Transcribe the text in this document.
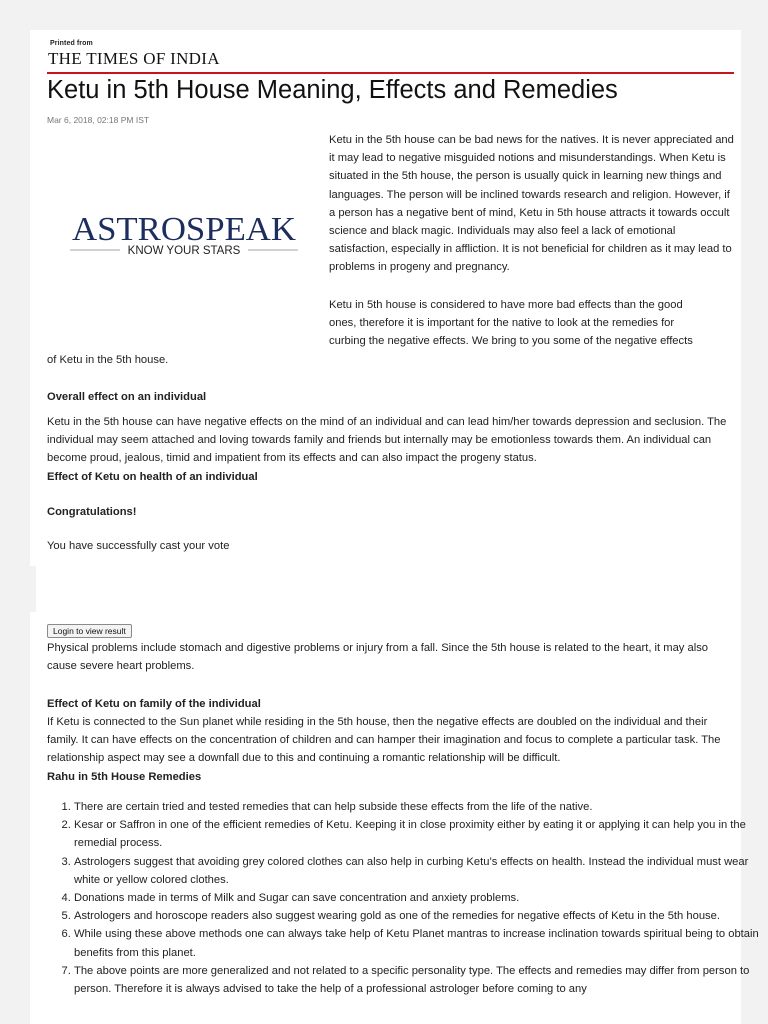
Printed from
THE TIMES OF INDIA
Ketu in 5th House Meaning, Effects and Remedies
Mar 6, 2018, 02:18 PM IST
ASTROSPEAK
KNOW YOUR STARS

Ketu in the 5th house can be bad news for the natives. It is never appreciated and it may lead to negative misguided notions and misunderstandings. When Ketu is situated in the 5th house, the person is usually quick in learning new things and languages. The person will be inclined towards research and religion. However, if a person has a negative bent of mind, Ketu in 5th house attracts it towards occult science and black magic. Individuals may also feel a lack of emotional satisfaction, especially in affliction. It is not beneficial for children as it may lead to problems in progeny and pregnancy.

Ketu in 5th house is considered to have more bad effects than the good
ones, therefore it is important for the native to look at the remedies for
curbing the negative effects. We bring to you some of the negative effects
of Ketu in the 5th house.
Overall effect on an individual

Ketu in the 5th house can have negative effects on the mind of an individual and can lead him/her towards depression and seclusion. The individual may seem attached and loving towards family and friends but internally may be emotionless towards them. An individual can become proud, jealous, timid and impatient from its effects and can also impact the progeny status.

Effect of Ketu on health of an individual
Congratulations!
You have successfully cast your vote
Login to view result

Physical problems include stomach and digestive problems or injury from a fall. Since the 5th house is related to the heart, it may also cause severe heart problems.

Effect of Ketu on family of the individual

If Ketu is connected to the Sun planet while residing in the 5th house, then the negative effects are doubled on the individual and their family. It can have effects on the concentration of children and can hamper their imagination and focus to complete a particular task. The relationship aspect may see a downfall due to this and continuing a romantic relationship will be difficult.

Rahu in 5th House Remedies
1. There are certain tried and tested remedies that can help subside these effects from the life of the native.
2. Kesar or Saffron in one of the efficient remedies of Ketu. Keeping it in close proximity either by eating it or applying it can help you in the remedial process.
3. Astrologers suggest that avoiding grey colored clothes can also help in curbing Ketu’s effects on health. Instead the individual must wear white or yellow colored clothes.
4. Donations made in terms of Milk and Sugar can save concentration and anxiety problems.
5. Astrologers and horoscope readers also suggest wearing gold as one of the remedies for negative effects of Ketu in the 5th house.
6. While using these above methods one can always take help of Ketu Planet mantras to increase inclination towards spiritual being to obtain benefits from this planet.
7. The above points are more generalized and not related to a specific personality type. The effects and remedies may differ from person to person. Therefore it is always advised to take the help of a professional astrologer before coming to any
